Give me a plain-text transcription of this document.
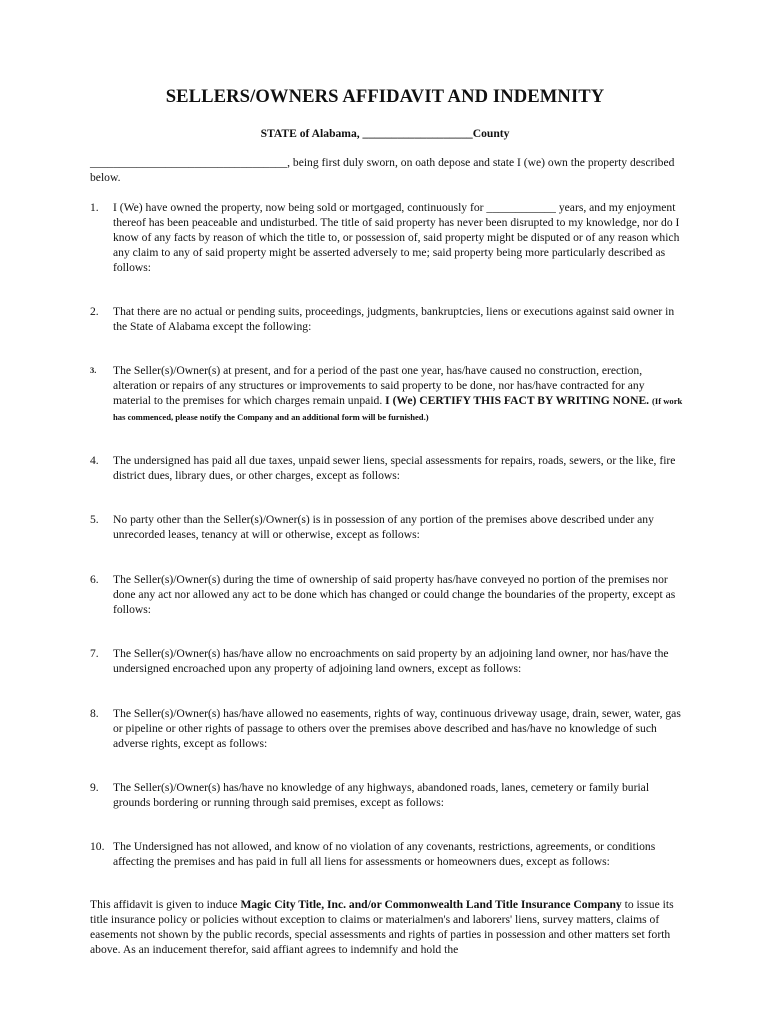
SELLERS/OWNERS AFFIDAVIT AND INDEMNITY
STATE of Alabama, ___________________County
__________________________________, being first duly sworn, on oath depose and state I (we) own the property described below.
1.	I (We) have owned the property, now being sold or mortgaged, continuously for ____________ years, and my enjoyment thereof has been peaceable and undisturbed. The title of said property has never been disrupted to my knowledge, nor do I know of any facts by reason of which the title to, or possession of, said property might be disputed or of any reason which any claim to any of said property might be asserted adversely to me; said property being more particularly described as follows:
2.	That there are no actual or pending suits, proceedings, judgments, bankruptcies, liens or executions against said owner in the State of Alabama except the following:
3.	The Seller(s)/Owner(s) at present, and for a period of the past one year, has/have caused no construction, erection, alteration or repairs of any structures or improvements to said property to be done, nor has/have contracted for any material to the premises for which charges remain unpaid. I (We) CERTIFY THIS FACT BY WRITING NONE. (If work has commenced, please notify the Company and an additional form will be furnished.)
4.	The undersigned has paid all due taxes, unpaid sewer liens, special assessments for repairs, roads, sewers, or the like, fire district dues, library dues, or other charges, except as follows:
5.	No party other than the Seller(s)/Owner(s) is in possession of any portion of the premises above described under any unrecorded leases, tenancy at will or otherwise, except as follows:
6.	The Seller(s)/Owner(s) during the time of ownership of said property has/have conveyed no portion of the premises nor done any act nor allowed any act to be done which has changed or could change the boundaries of the property, except as follows:
7.	The Seller(s)/Owner(s) has/have allow no encroachments on said property by an adjoining land owner, nor has/have the undersigned encroached upon any property of adjoining land owners, except as follows:
8.	The Seller(s)/Owner(s) has/have allowed no easements, rights of way, continuous driveway usage, drain, sewer, water, gas or pipeline or other rights of passage to others over the premises above described and has/have no knowledge of such adverse rights, except as follows:
9.	The Seller(s)/Owner(s) has/have no knowledge of any highways, abandoned roads, lanes, cemetery or family burial grounds bordering or running through said premises, except as follows:
10. The Undersigned has not allowed, and know of no violation of any covenants, restrictions, agreements, or conditions affecting the premises and has paid in full all liens for assessments or homeowners dues, except as follows:
This affidavit is given to induce Magic City Title, Inc. and/or Commonwealth Land Title Insurance Company to issue its title insurance policy or policies without exception to claims or materialmen's and laborers' liens, survey matters, claims of easements not shown by the public records, special assessments and rights of parties in possession and other matters set forth above. As an inducement therefor, said affiant agrees to indemnify and hold the
